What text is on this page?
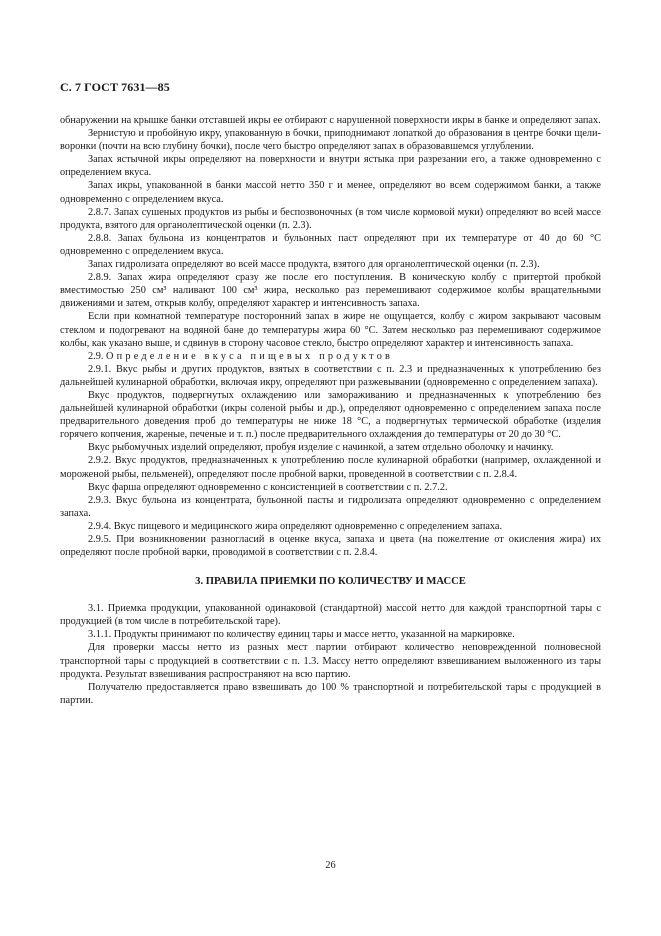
С. 7 ГОСТ 7631—85

обнаружении на крышке банки отставшей икры ее отбирают с нарушенной поверхности икры в банке и определяют запах.

Зернистую и пробойную икру, упакованную в бочки, приподнимают лопаткой до образования в центре бочки щели-воронки (почти на всю глубину бочки), после чего быстро определяют запах в образовавшемся углублении.

Запах ястычной икры определяют на поверхности и внутри ястыка при разрезании его, а также одновременно с определением вкуса.

Запах икры, упакованной в банки массой нетто 350 г и менее, определяют во всем содержимом банки, а также одновременно с определением вкуса.

2.8.7. Запах сушеных продуктов из рыбы и беспозвоночных (в том числе кормовой муки) определяют во всей массе продукта, взятого для органолептической оценки (п. 2.3).

2.8.8. Запах бульона из концентратов и бульонных паст определяют при их температуре от 40 до 60 °С одновременно с определением вкуса.

Запах гидролизата определяют во всей массе продукта, взятого для органолептической оценки (п. 2.3).

2.8.9. Запах жира определяют сразу же после его поступления. В коническую колбу с притертой пробкой вместимостью 250 см³ наливают 100 см³ жира, несколько раз перемешивают содержимое колбы вращательными движениями и затем, открыв колбу, определяют характер и интенсивность запаха.

Если при комнатной температуре посторонний запах в жире не ощущается, колбу с жиром закрывают часовым стеклом и подогревают на водяной бане до температуры жира 60 °С. Затем несколько раз перемешивают содержимое колбы, как указано выше, и сдвинув в сторону часовое стекло, быстро определяют характер и интенсивность запаха.

2.9. Определение вкуса пищевых продуктов

2.9.1. Вкус рыбы и других продуктов, взятых в соответствии с п. 2.3 и предназначенных к употреблению без дальнейшей кулинарной обработки, включая икру, определяют при разжевывании (одновременно с определением запаха).

Вкус продуктов, подвергнутых охлаждению или замораживанию и предназначенных к употреблению без дальнейшей кулинарной обработки (икры соленой рыбы и др.), определяют одновременно с определением запаха после предварительного доведения проб до температуры не ниже 18 °С, а подвергнутых термической обработке (изделия горячего копчения, жареные, печеные и т. п.) после предварительного охлаждения до температуры от 20 до 30 °С.

Вкус рыбомучных изделий определяют, пробуя изделие с начинкой, а затем отдельно оболочку и начинку.

2.9.2. Вкус продуктов, предназначенных к употреблению после кулинарной обработки (например, охлажденной и мороженой рыбы, пельменей), определяют после пробной варки, проведенной в соответствии с п. 2.8.4.

Вкус фарша определяют одновременно с консистенцией в соответствии с п. 2.7.2.

2.9.3. Вкус бульона из концентрата, бульонной пасты и гидролизата определяют одновременно с определением запаха.

2.9.4. Вкус пищевого и медицинского жира определяют одновременно с определением запаха.

2.9.5. При возникновении разногласий в оценке вкуса, запаха и цвета (на пожелтение от окисления жира) их определяют после пробной варки, проводимой в соответствии с п. 2.8.4.

3. ПРАВИЛА ПРИЕМКИ ПО КОЛИЧЕСТВУ И МАССЕ

3.1. Приемка продукции, упакованной одинаковой (стандартной) массой нетто для каждой транспортной тары с продукцией (в том числе в потребительской таре).

3.1.1. Продукты принимают по количеству единиц тары и массе нетто, указанной на маркировке.

Для проверки массы нетто из разных мест партии отбирают количество неповрежденной полновесной транспортной тары с продукцией в соответствии с п. 1.3. Массу нетто определяют взвешиванием выложенного из тары продукта. Результат взвешивания распространяют на всю партию.

Получателю предоставляется право взвешивать до 100 % транспортной и потребительской тары с продукцией в партии.

26
